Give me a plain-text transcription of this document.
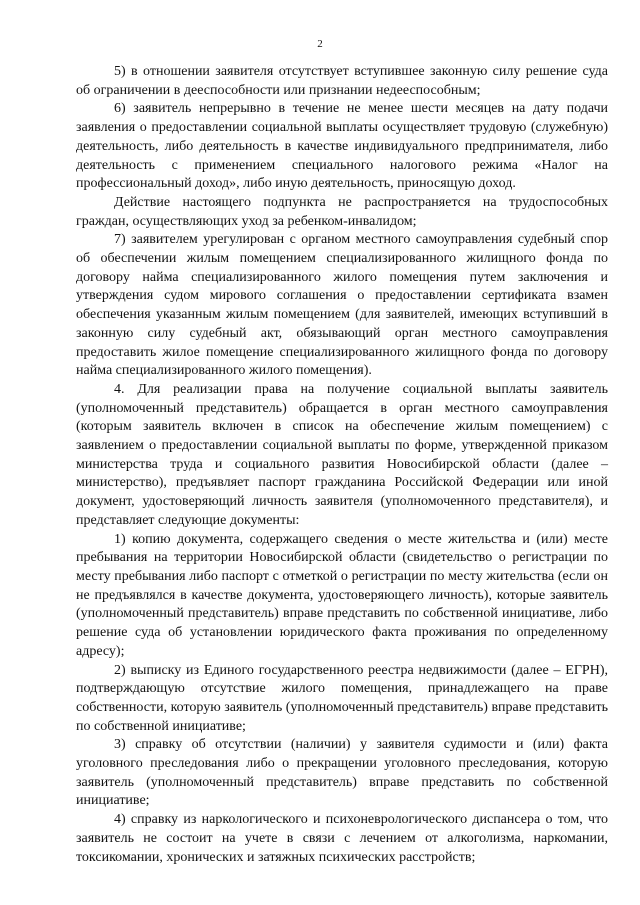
2

5) в отношении заявителя отсутствует вступившее законную силу решение суда об ограничении в дееспособности или признании недееспособным;

6) заявитель непрерывно в течение не менее шести месяцев на дату подачи заявления о предоставлении социальной выплаты осуществляет трудовую (служебную) деятельность, либо деятельность в качестве индивидуального предпринимателя, либо деятельность с применением специального налогового режима «Налог на профессиональный доход», либо иную деятельность, приносящую доход.

Действие настоящего подпункта не распространяется на трудоспособных граждан, осуществляющих уход за ребенком-инвалидом;

7) заявителем урегулирован с органом местного самоуправления судебный спор об обеспечении жилым помещением специализированного жилищного фонда по договору найма специализированного жилого помещения путем заключения и утверждения судом мирового соглашения о предоставлении сертификата взамен обеспечения указанным жилым помещением (для заявителей, имеющих вступивший в законную силу судебный акт, обязывающий орган местного самоуправления предоставить жилое помещение специализированного жилищного фонда по договору найма специализированного жилого помещения).

4. Для реализации права на получение социальной выплаты заявитель (уполномоченный представитель) обращается в орган местного самоуправления (которым заявитель включен в список на обеспечение жилым помещением) с заявлением о предоставлении социальной выплаты по форме, утвержденной приказом министерства труда и социального развития Новосибирской области (далее –министерство), предъявляет паспорт гражданина Российской Федерации или иной документ, удостоверяющий личность заявителя (уполномоченного представителя), и представляет следующие документы:

1) копию документа, содержащего сведения о месте жительства и (или) месте пребывания на территории Новосибирской области (свидетельство о регистрации по месту пребывания либо паспорт с отметкой о регистрации по месту жительства (если он не предъявлялся в качестве документа, удостоверяющего личность), которые заявитель (уполномоченный представитель) вправе представить по собственной инициативе, либо решение суда об установлении юридического факта проживания по определенному адресу);

2) выписку из Единого государственного реестра недвижимости (далее – ЕГРН), подтверждающую отсутствие жилого помещения, принадлежащего на праве собственности, которую заявитель (уполномоченный представитель) вправе представить по собственной инициативе;

3) справку об отсутствии (наличии) у заявителя судимости и (или) факта уголовного преследования либо о прекращении уголовного преследования, которую заявитель (уполномоченный представитель) вправе представить по собственной инициативе;

4) справку из наркологического и психоневрологического диспансера о том, что заявитель не состоит на учете в связи с лечением от алкоголизма, наркомании, токсикомании, хронических и затяжных психических расстройств;
